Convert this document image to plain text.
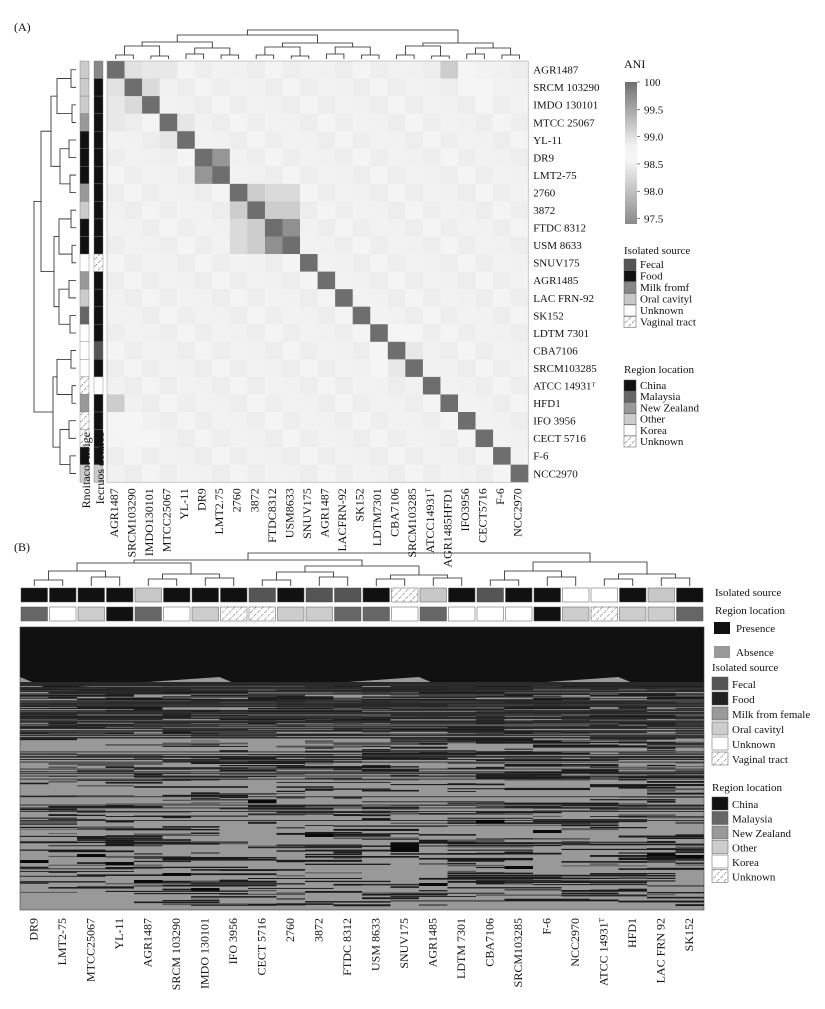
(A)
AGR1487
SRCM 103290
IMDO 130101
MTCC 25067
YL-11
DR9
LMT2-75
2760
3872
FTDC 8312
USM 8633
SNUV175
AGR1485
LAC FRN-92
SK152
LDTM 7301
CBA7106
SRCM103285
ATCC 14931ᵀ
HFD1
IFO 3956
CECT 5716
F-6
NCC2970
AGR1487 SRCM103290 IMDO130101 MTCC25067 YL-11 DR9 LMT2.75 2760 3872 FTDC8312 USM8633 SNUV175 AGR1487 LACFRN-92 SK152 LDTM7301 CBA7106 SRCM103285 ATCC14931ᵀ AGR1485HFD1 IFO3956 CECT5716 F-6 NCC2970
Rnoitacol noige Iecruos detalos
ANI
100
99.5
99.0
98.5
98.0
97.5
Isolated source
Fecal
Food
Milk fromf
Oral cavityl
Unknown
Vaginal tract
Region location
China
Malaysia
New Zealand
Other
Korea
Unknown
(B)
Isolated source
Region location
DR9 LMT2-75 MTCC25067 YL-11 AGR1487 SRCM 103290 IMDO 130101 IFO 3956 CECT 5716 2760 3872 FTDC 8312 USM 8633 SNUV175 AGR1485 LDTM 7301 CBA7106 SRCM103285 F-6 NCC2970 ATCC 14931ᵀ HFD1 LAC FRN 92 SK152
Presence
Absence
Isolated source
Fecal
Food
Milk from female
Oral cavityl
Unknown
Vaginal tract
Region location
China
Malaysia
New Zealand
Other
Korea
Unknown
